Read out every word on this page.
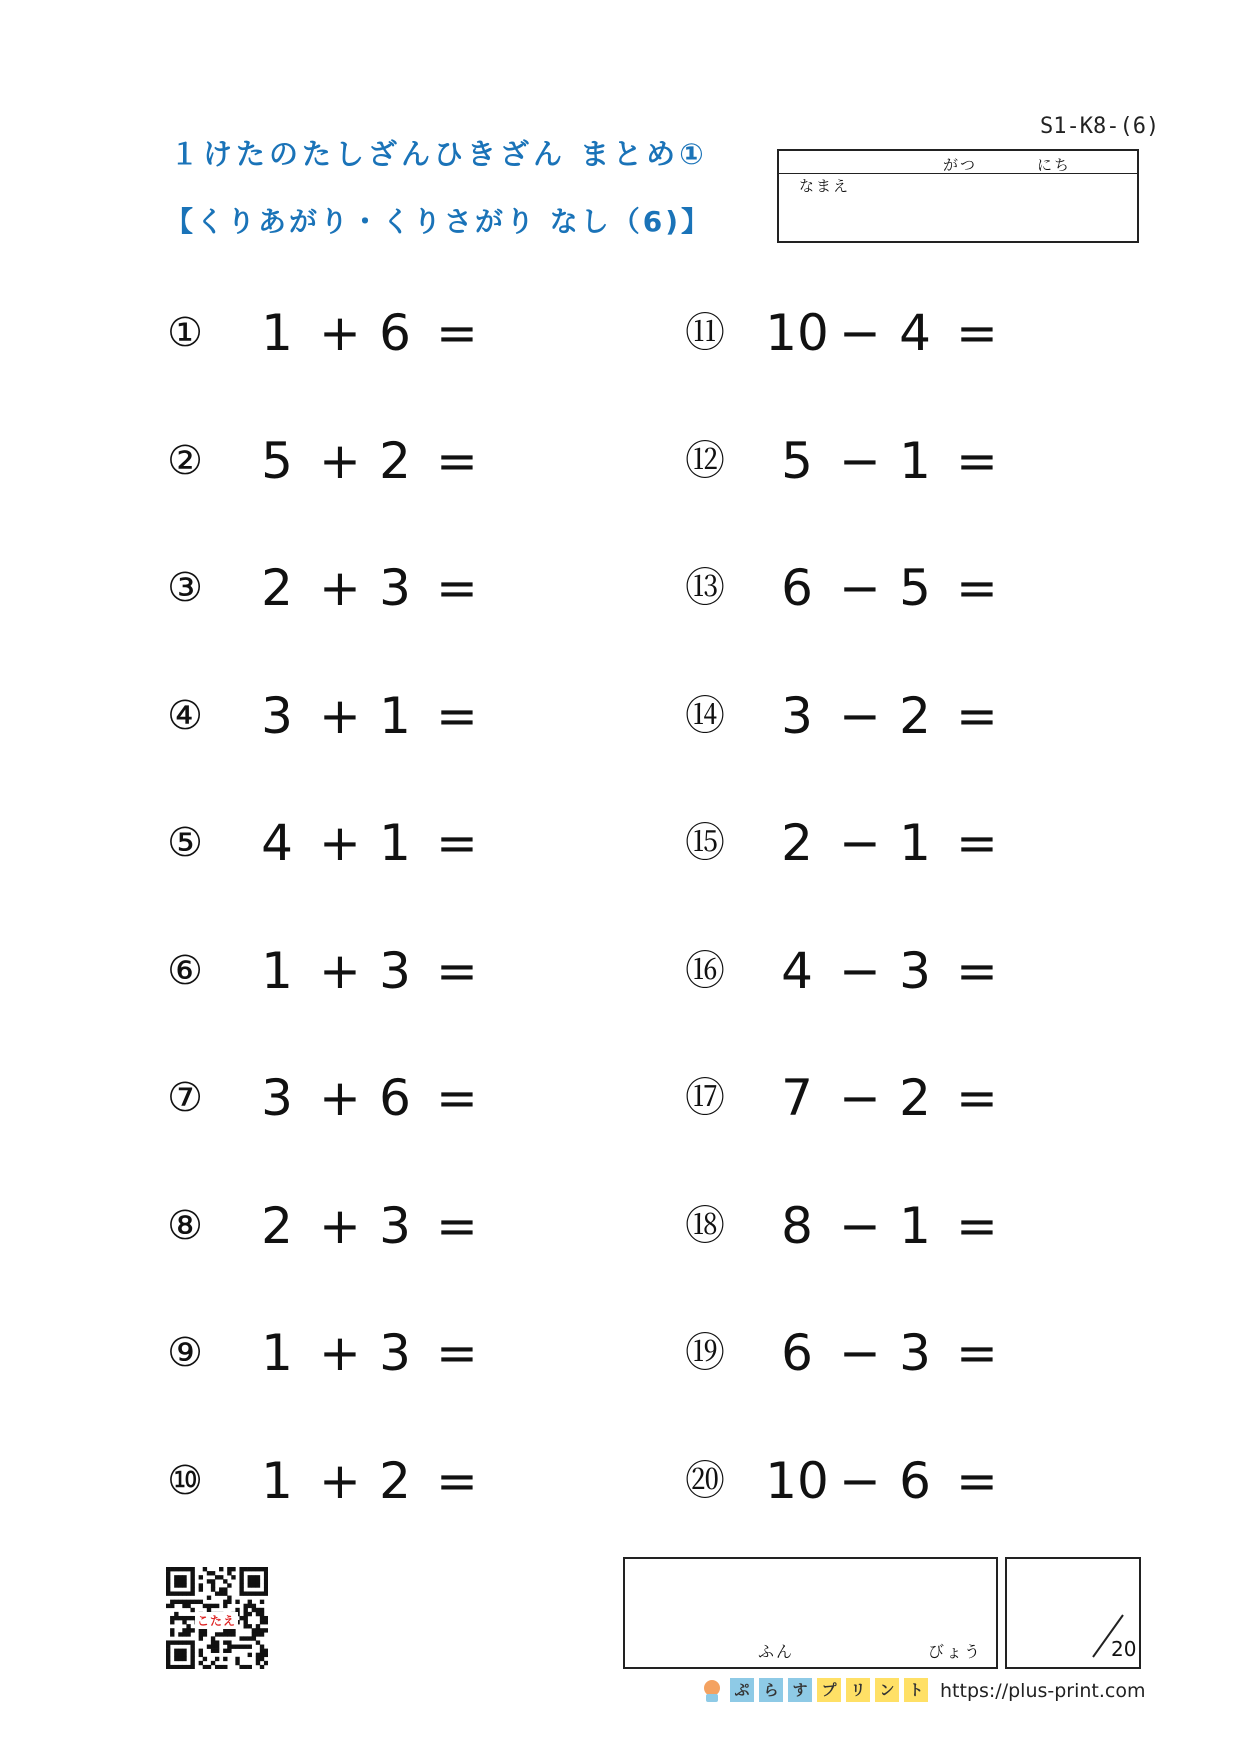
１けたのたしざんひきざん まとめ①
【くりあがり・くりさがり なし（6)】
S1-K8-(6)
がつ	にち
なまえ
①	1 + 6 =
②	5 + 2 =
③	2 + 3 =
④	3 + 1 =
⑤	4 + 1 =
⑥	1 + 3 =
⑦	3 + 6 =
⑧	2 + 3 =
⑨	1 + 3 =
⑩	1 + 2 =
⑪ 10 − 4 =
⑫	5 − 1 =
⑬	6 − 5 =
⑭	3 − 2 =
⑮	2 − 1 =
⑯	4 − 3 =
⑰	7 − 2 =
⑱	8 − 1 =
⑲	6 − 3 =
⑳ 10 − 6 =
こたえ
ふん	びょう	20
ぷ ら す プ リ ン ト https://plus-print.com
